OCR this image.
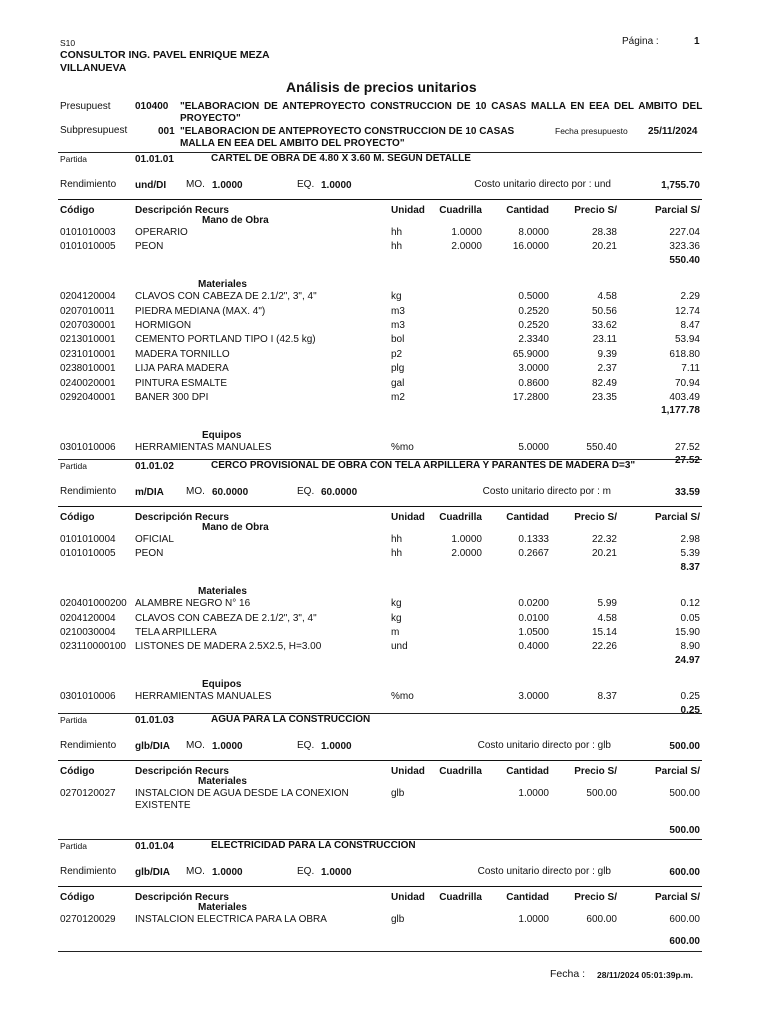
S10
CONSULTOR ING. PAVEL ENRIQUE MEZA
VILLANUEVA
Página :	1
Análisis de precios unitarios
Presupuest 010400 "ELABORACION DE ANTEPROYECTO CONSTRUCCION DE 10 CASAS MALLA EN EEA DEL AMBITO DEL
PROYECTO"
Subpresupuest	001 "ELABORACION DE ANTEPROYECTO CONSTRUCCION DE 10 CASAS
MALLA EN EEA DEL AMBITO DEL PROYECTO"
Fecha presupuesto 25/11/2024
Partida	01.01.01	CARTEL DE OBRA DE 4.80 X 3.60 M. SEGUN DETALLE
Rendimiento und/DI MO. 1.0000	EQ. 1.0000	Costo unitario directo por : und	1,755.70
Código	Descripción Recurs	Unidad Cuadrilla Cantidad	Precio S/	Parcial S/
Mano de Obra
0101010003 OPERARIO	hh	1.0000	8.0000	28.38	227.04
0101010005 PEON	hh	2.0000	16.0000	20.21	323.36
550.40
Materiales
0204120004 CLAVOS CON CABEZA DE 2.1/2", 3", 4"	kg	0.5000	4.58	2.29
0207010011 PIEDRA MEDIANA (MAX. 4")	m3	0.2520	50.56	12.74
0207030001 HORMIGON	m3	0.2520	33.62	8.47
0213010001 CEMENTO PORTLAND TIPO I (42.5 kg)	bol	2.3340	23.11	53.94
0231010001 MADERA TORNILLO	p2	65.9000	9.39	618.80
0238010001 LIJA PARA MADERA	plg	3.0000	2.37	7.11
0240020001 PINTURA ESMALTE	gal	0.8600	82.49	70.94
0292040001 BANER 300 DPI	m2	17.2800	23.35	403.49
1,177.78
Equipos
0301010006 HERRAMIENTAS MANUALES	%mo	5.0000	550.40	27.52
27.52
Partida	01.01.02	CERCO PROVISIONAL DE OBRA CON TELA ARPILLERA Y PARANTES DE MADERA D=3"
Rendimiento m/DIA MO. 60.0000	EQ. 60.0000	Costo unitario directo por : m	33.59
Código	Descripción Recurs	Unidad Cuadrilla Cantidad	Precio S/	Parcial S/
Mano de Obra
0101010004 OFICIAL	hh	1.0000	0.1333	22.32	2.98
0101010005 PEON	hh	2.0000	0.2667	20.21	5.39
8.37
Materiales
020401000200 ALAMBRE NEGRO N° 16	kg	0.0200	5.99	0.12
0204120004 CLAVOS CON CABEZA DE 2.1/2", 3", 4"	kg	0.0100	4.58	0.05
0210030004 TELA ARPILLERA	m	1.0500	15.14	15.90
023110000100 LISTONES DE MADERA 2.5X2.5, H=3.00	und	0.4000	22.26	8.90
24.97
Equipos
0301010006 HERRAMIENTAS MANUALES	%mo	3.0000	8.37	0.25
0.25
Partida	01.01.03	AGUA PARA LA CONSTRUCCION
Rendimiento glb/DIA MO. 1.0000	EQ. 1.0000	Costo unitario directo por : glb	500.00
Código	Descripción Recurs	Unidad Cuadrilla Cantidad	Precio S/	Parcial S/
Materiales
0270120027 INSTALCION DE AGUA DESDE LA CONEXION
EXISTENTE
glb	1.0000	500.00	500.00
500.00
Partida	01.01.04	ELECTRICIDAD PARA LA CONSTRUCCION
Rendimiento glb/DIA MO. 1.0000	EQ. 1.0000	Costo unitario directo por : glb	600.00
Código	Descripción Recurs	Unidad Cuadrilla Cantidad	Precio S/	Parcial S/
Materiales
0270120029 INSTALCION ELECTRICA PARA LA OBRA	glb	1.0000	600.00	600.00
600.00
Fecha : 28/11/2024 05:01:39p.m.
